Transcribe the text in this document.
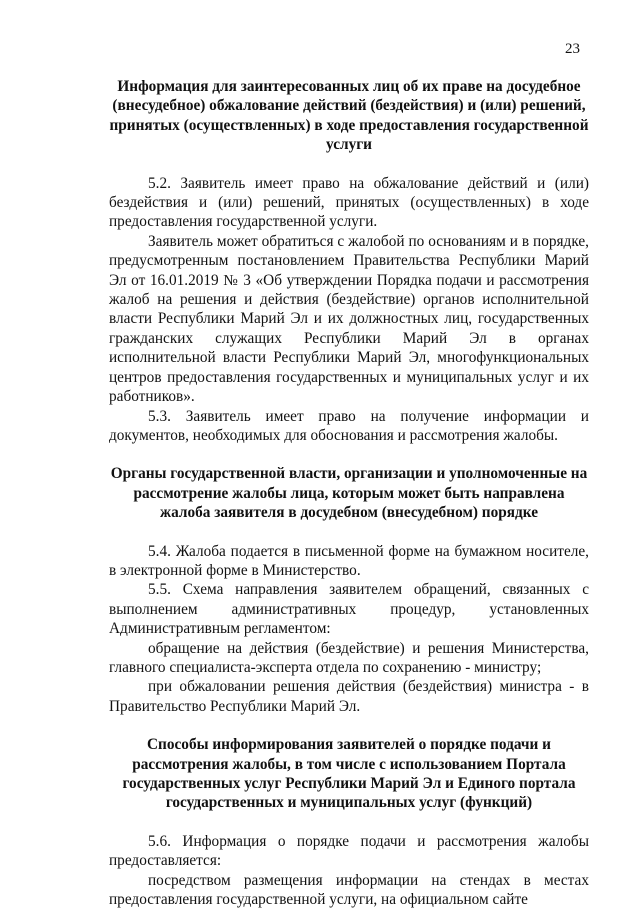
23

Информация для заинтересованных лиц об их праве на досудебное (внесудебное) обжалование действий (бездействия) и (или) решений, принятых (осуществленных) в ходе предоставления государственной услуги

5.2. Заявитель имеет право на обжалование действий и (или) бездействия и (или) решений, принятых (осуществленных) в ходе предоставления государственной услуги.

Заявитель может обратиться с жалобой по основаниям и в порядке, предусмотренным постановлением Правительства Республики Марий Эл от 16.01.2019 № 3 «Об утверждении Порядка подачи и рассмотрения жалоб на решения и действия (бездействие) органов исполнительной власти Республики Марий Эл и их должностных лиц, государственных гражданских служащих Республики Марий Эл в органах исполнительной власти Республики Марий Эл, многофункциональных центров предоставления государственных и муниципальных услуг и их работников».

5.3. Заявитель имеет право на получение информации и документов, необходимых для обоснования и рассмотрения жалобы.

Органы государственной власти, организации и уполномоченные на рассмотрение жалобы лица, которым может быть направлена жалоба заявителя в досудебном (внесудебном) порядке

5.4. Жалоба подается в письменной форме на бумажном носителе, в электронной форме в Министерство.

5.5. Схема направления заявителем обращений, связанных с выполнением административных процедур, установленных Административным регламентом:

обращение на действия (бездействие) и решения Министерства, главного специалиста-эксперта отдела по сохранению - министру;

при обжаловании решения действия (бездействия) министра - в Правительство Республики Марий Эл.

Способы информирования заявителей о порядке подачи и рассмотрения жалобы, в том числе с использованием Портала государственных услуг Республики Марий Эл и Единого портала государственных и муниципальных услуг (функций)

5.6. Информация о порядке подачи и рассмотрения жалобы предоставляется:

посредством размещения информации на стендах в местах предоставления государственной услуги, на официальном сайте
